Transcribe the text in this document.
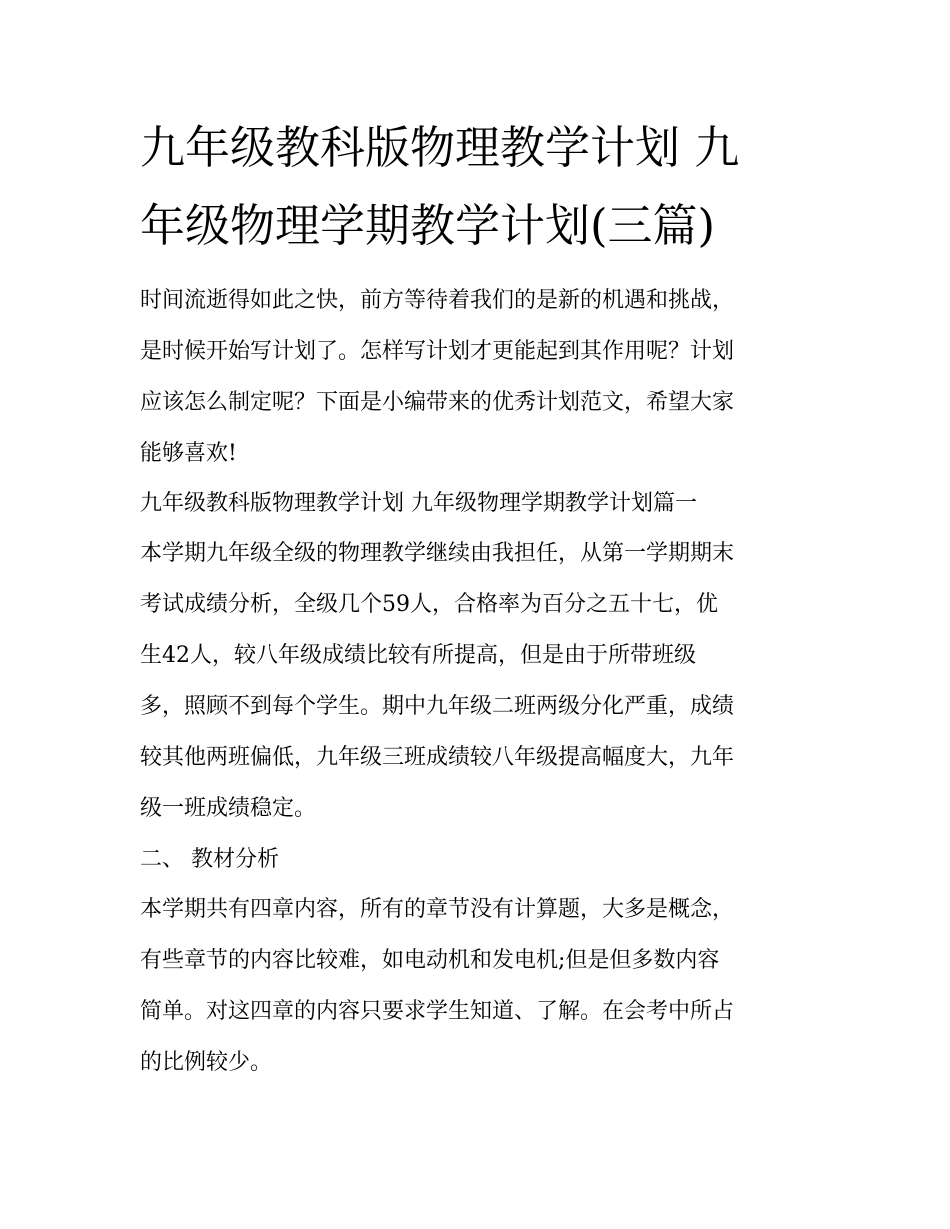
九年级教科版物理教学计划 九
年级物理学期教学计划(三篇)

时间流逝得如此之快，前方等待着我们的是新的机遇和挑战，

是时候开始写计划了。怎样写计划才更能起到其作用呢？计划

应该怎么制定呢？下面是小编带来的优秀计划范文，希望大家

能够喜欢!

九年级教科版物理教学计划 九年级物理学期教学计划篇一

本学期九年级全级的物理教学继续由我担任，从第一学期期末

考试成绩分析，全级几个59人，合格率为百分之五十七，优

生42人，较八年级成绩比较有所提高，但是由于所带班级

多，照顾不到每个学生。期中九年级二班两级分化严重，成绩

较其他两班偏低，九年级三班成绩较八年级提高幅度大，九年

级一班成绩稳定。

二、 教材分析

本学期共有四章内容，所有的章节没有计算题，大多是概念，

有些章节的内容比较难，如电动机和发电机;但是但多数内容

简单。对这四章的内容只要求学生知道、了解。在会考中所占

的比例较少。
